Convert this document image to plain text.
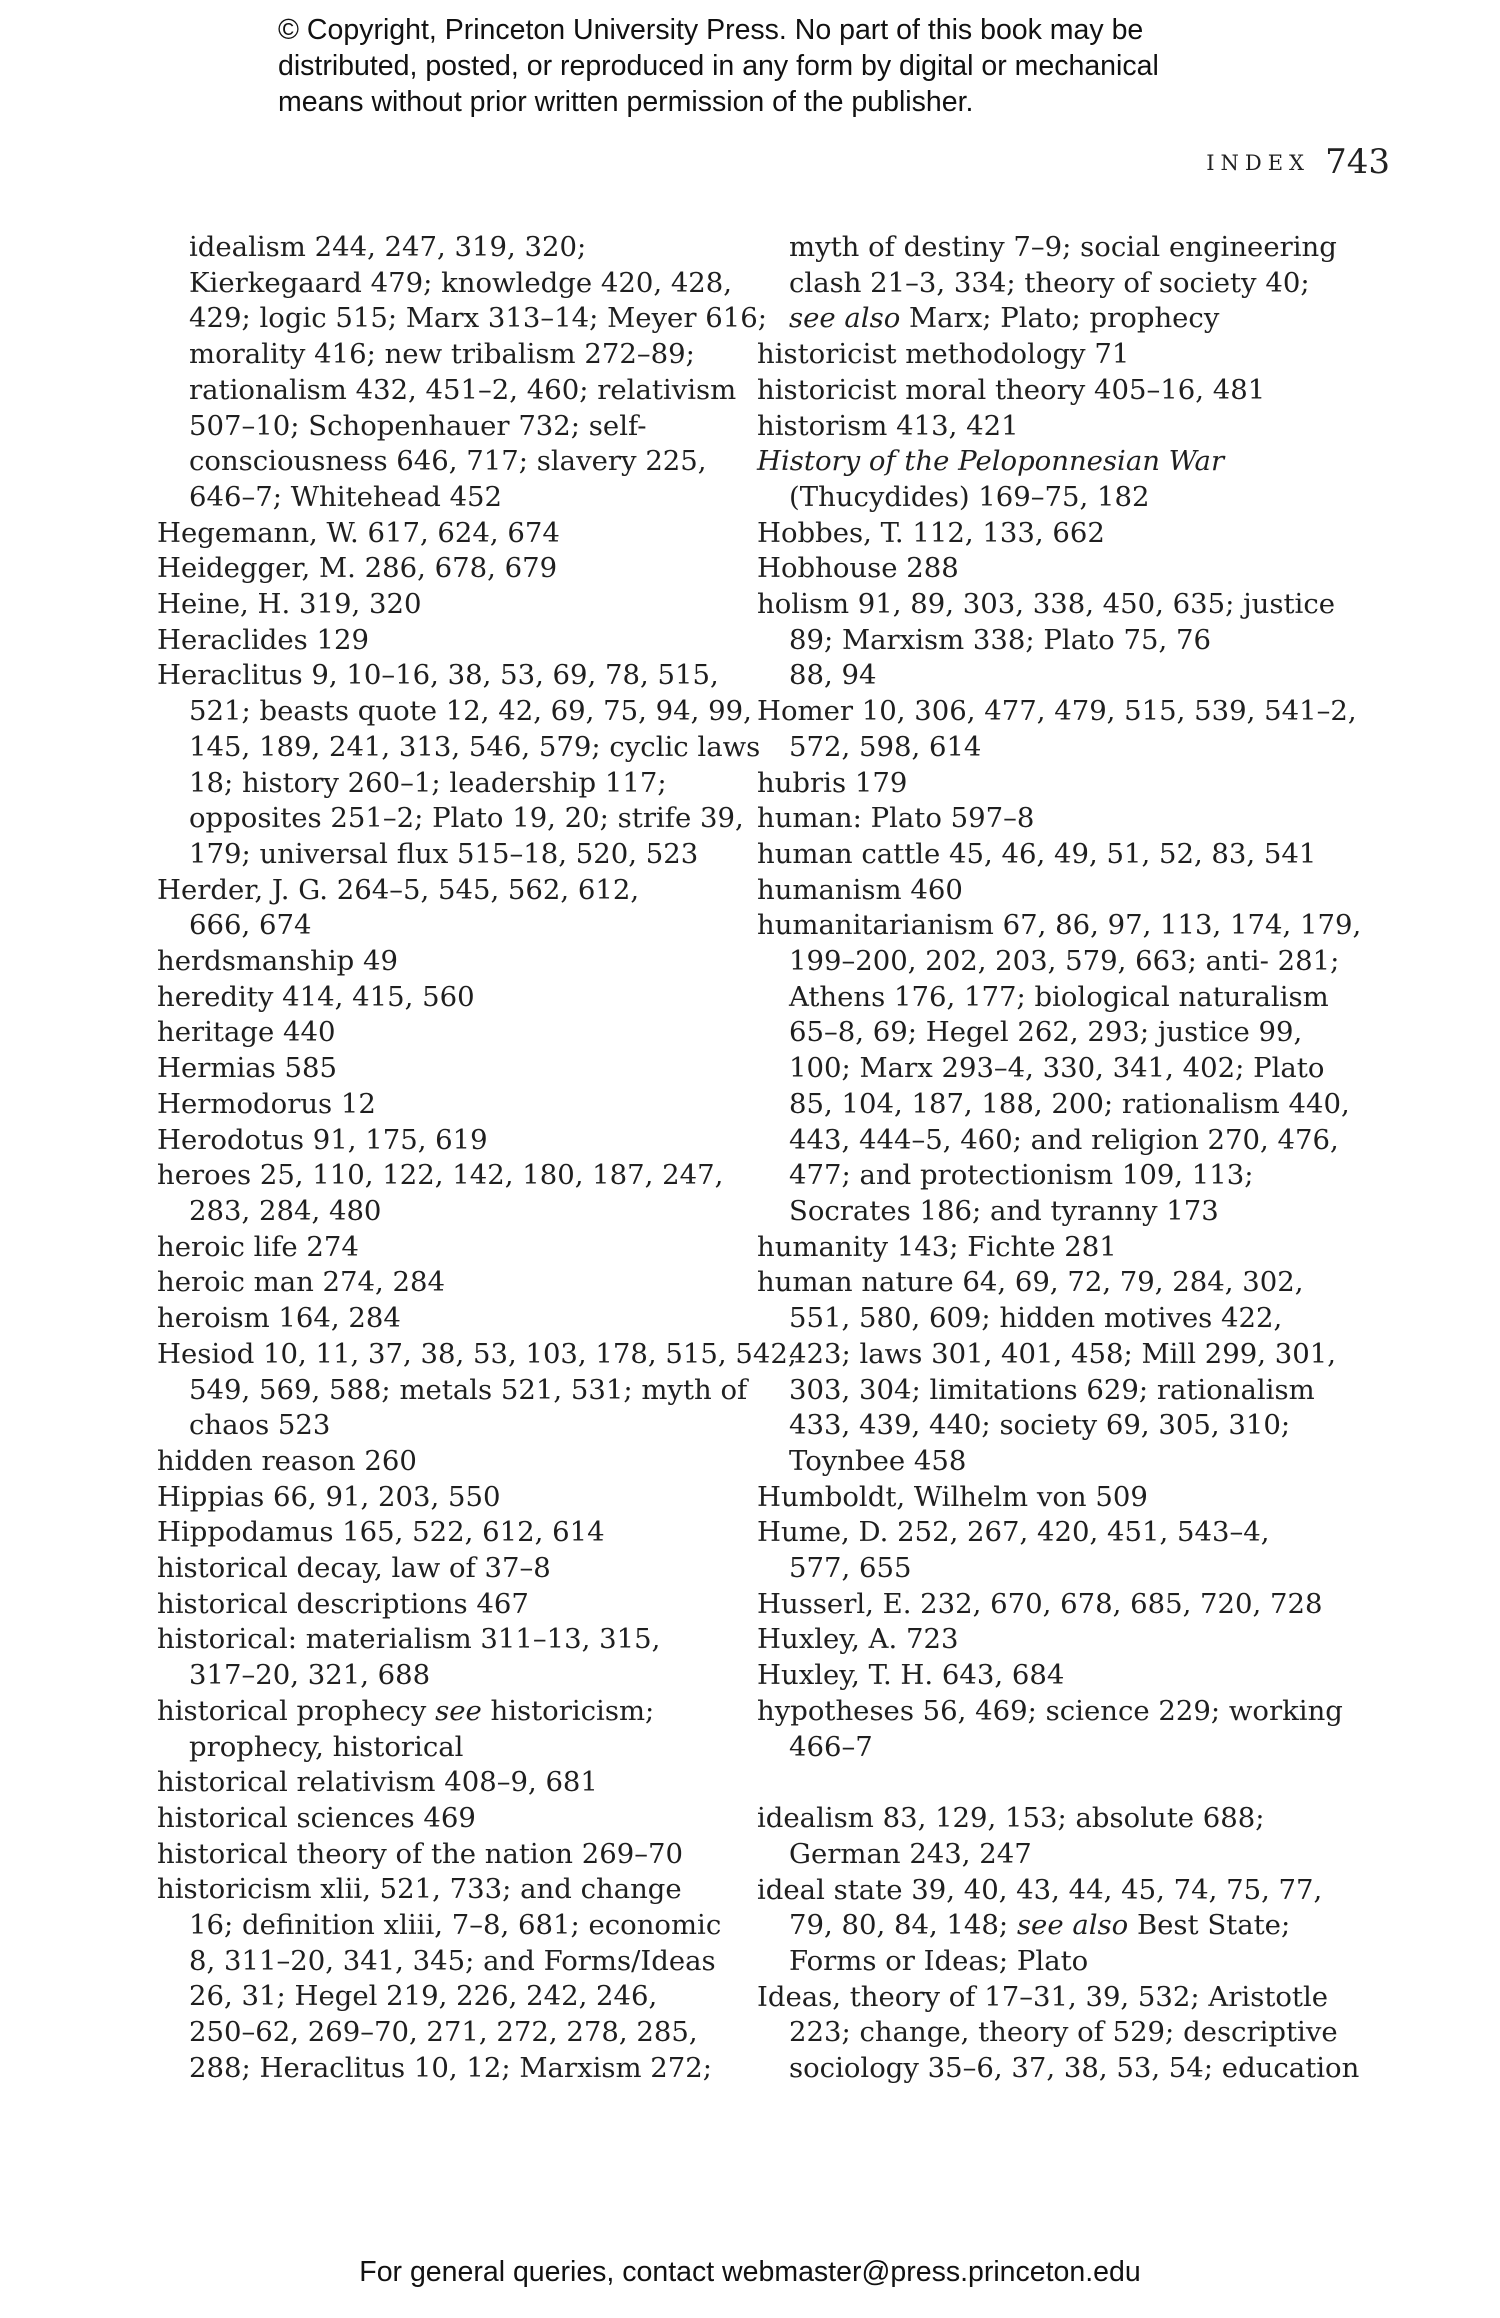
© Copyright, Princeton University Press. No part of this book may be
distributed, posted, or reproduced in any form by digital or mechanical
means without prior written permission of the publisher.
INDEX 743
idealism 244, 247, 319, 320;
Kierkegaard 479; knowledge 420, 428,
429; logic 515; Marx 313–14; Meyer 616;
morality 416; new tribalism 272–89;
rationalism 432, 451–2, 460; relativism
507–10; Schopenhauer 732; self-
consciousness 646, 717; slavery 225,
646–7; Whitehead 452
Hegemann, W. 617, 624, 674
Heidegger, M. 286, 678, 679
Heine, H. 319, 320
Heraclides 129
Heraclitus 9, 10–16, 38, 53, 69, 78, 515,
521; beasts quote 12, 42, 69, 75, 94, 99,
145, 189, 241, 313, 546, 579; cyclic laws
18; history 260–1; leadership 117;
opposites 251–2; Plato 19, 20; strife 39,
179; universal flux 515–18, 520, 523
Herder, J. G. 264–5, 545, 562, 612,
666, 674
herdsmanship 49
heredity 414, 415, 560
heritage 440
Hermias 585
Hermodorus 12
Herodotus 91, 175, 619
heroes 25, 110, 122, 142, 180, 187, 247,
283, 284, 480
heroic life 274
heroic man 274, 284
heroism 164, 284
Hesiod 10, 11, 37, 38, 53, 103, 178, 515, 542,
549, 569, 588; metals 521, 531; myth of
chaos 523
hidden reason 260
Hippias 66, 91, 203, 550
Hippodamus 165, 522, 612, 614
historical decay, law of 37–8
historical descriptions 467
historical: materialism 311–13, 315,
317–20, 321, 688
historical prophecy see historicism;
prophecy, historical
historical relativism 408–9, 681
historical sciences 469
historical theory of the nation 269–70
historicism xlii, 521, 733; and change
16; definition xliii, 7–8, 681; economic
8, 311–20, 341, 345; and Forms/Ideas
26, 31; Hegel 219, 226, 242, 246,
250–62, 269–70, 271, 272, 278, 285,
288; Heraclitus 10, 12; Marxism 272;
myth of destiny 7–9; social engineering
clash 21–3, 334; theory of society 40;
see also Marx; Plato; prophecy
historicist methodology 71
historicist moral theory 405–16, 481
historism 413, 421
History of the Peloponnesian War
(Thucydides) 169–75, 182
Hobbes, T. 112, 133, 662
Hobhouse 288
holism 91, 89, 303, 338, 450, 635; justice
89; Marxism 338; Plato 75, 76
88, 94
Homer 10, 306, 477, 479, 515, 539, 541–2,
572, 598, 614
hubris 179
human: Plato 597–8
human cattle 45, 46, 49, 51, 52, 83, 541
humanism 460
humanitarianism 67, 86, 97, 113, 174, 179,
199–200, 202, 203, 579, 663; anti- 281;
Athens 176, 177; biological naturalism
65–8, 69; Hegel 262, 293; justice 99,
100; Marx 293–4, 330, 341, 402; Plato
85, 104, 187, 188, 200; rationalism 440,
443, 444–5, 460; and religion 270, 476,
477; and protectionism 109, 113;
Socrates 186; and tyranny 173
humanity 143; Fichte 281
human nature 64, 69, 72, 79, 284, 302,
551, 580, 609; hidden motives 422,
423; laws 301, 401, 458; Mill 299, 301,
303, 304; limitations 629; rationalism
433, 439, 440; society 69, 305, 310;
Toynbee 458
Humboldt, Wilhelm von 509
Hume, D. 252, 267, 420, 451, 543–4,
577, 655
Husserl, E. 232, 670, 678, 685, 720, 728
Huxley, A. 723
Huxley, T. H. 643, 684
hypotheses 56, 469; science 229; working
466–7
idealism 83, 129, 153; absolute 688;
German 243, 247
ideal state 39, 40, 43, 44, 45, 74, 75, 77,
79, 80, 84, 148; see also Best State;
Forms or Ideas; Plato
Ideas, theory of 17–31, 39, 532; Aristotle
223; change, theory of 529; descriptive
sociology 35–6, 37, 38, 53, 54; education
For general queries, contact webmaster@press.princeton.edu
